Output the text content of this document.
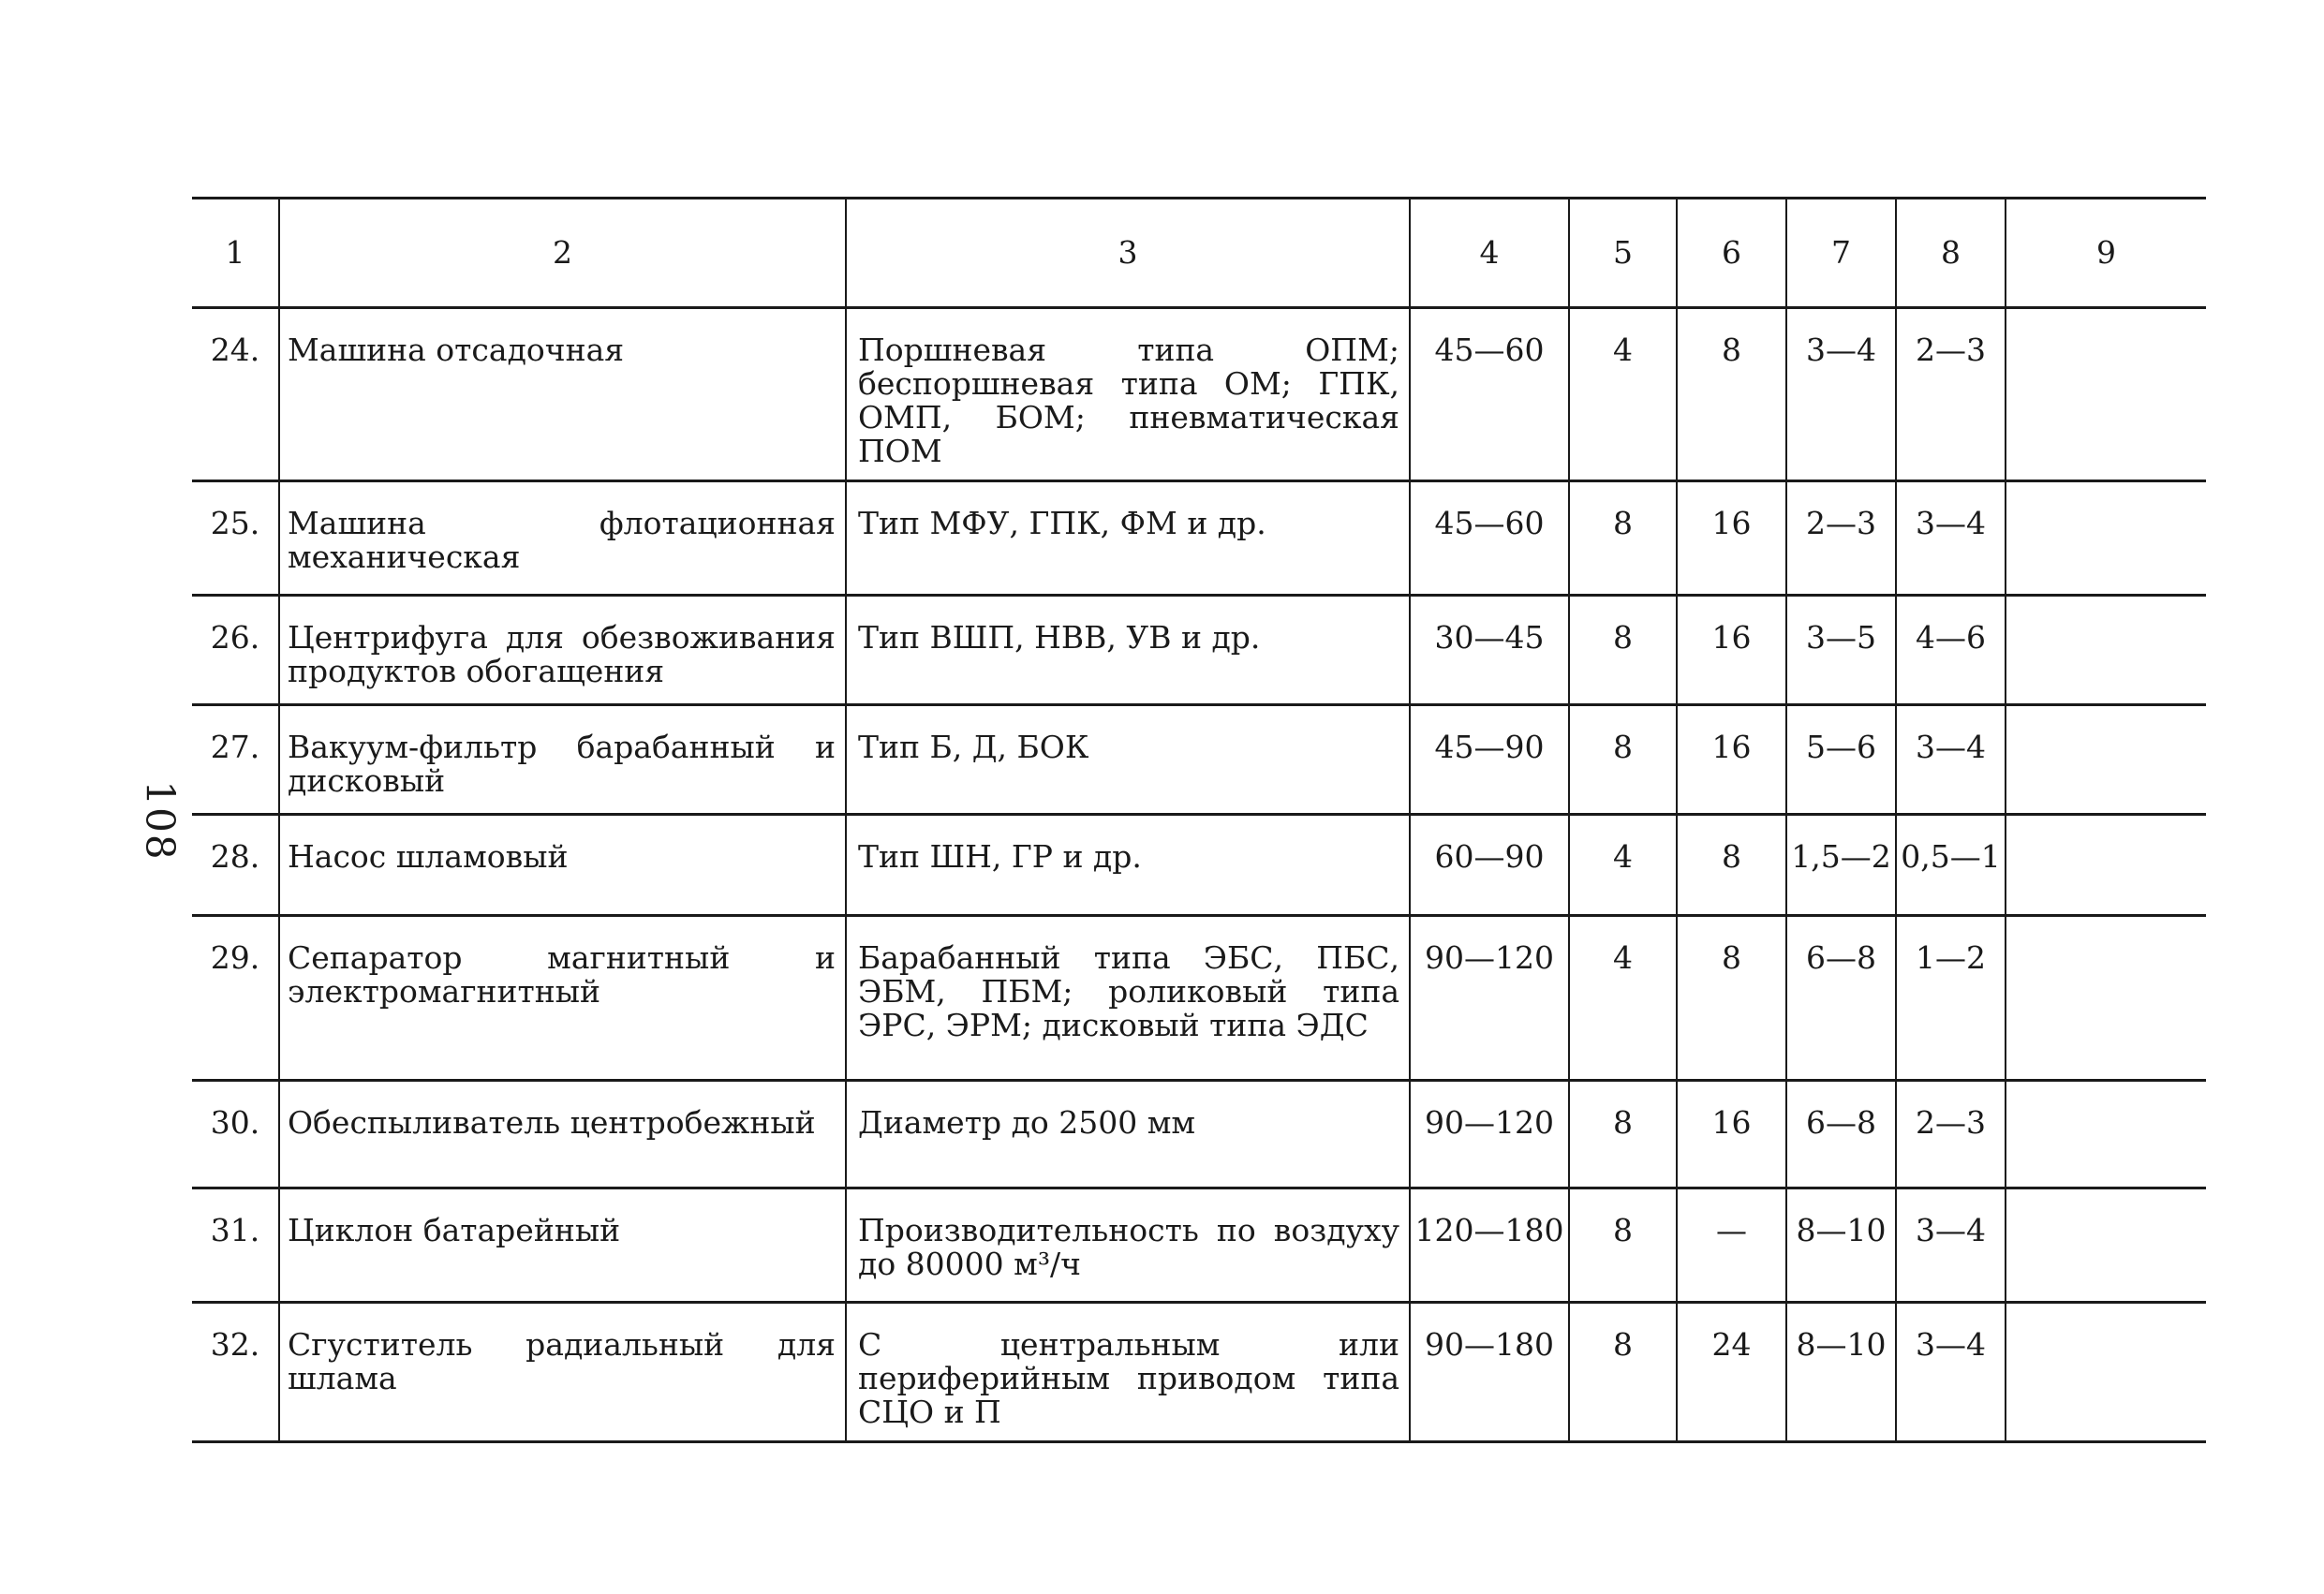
108
1	2	3	4	5	6	7	8	9
24.	Машина отсадочная	Поршневая типа ОПМ; беспоршневая типа ОМ; ГПК, ОМП, БОМ; пневматическая ПОМ	45—60	4	8	3—4	2—3	
25.	Машина флотационная механическая	Тип МФУ, ГПК, ФМ и др.	45—60	8	16	2—3	3—4	
26.	Центрифуга для обезвоживания продуктов обогащения	Тип ВШП, НВВ, УВ и др.	30—45	8	16	3—5	4—6	
27.	Вакуум-фильтр барабанный и дисковый	Тип Б, Д, БОК	45—90	8	16	5—6	3—4	
28.	Насос шламовый	Тип ШН, ГР и др.	60—90	4	8	1,5—2	0,5—1	
29.	Сепаратор магнитный и электромагнитный	Барабанный типа ЭБС, ПБС, ЭБМ, ПБМ; роликовый типа ЭРС, ЭРМ; дисковый типа ЭДС	90—120	4	8	6—8	1—2	
30.	Обеспыливатель центробежный	Диаметр до 2500 мм	90—120	8	16	6—8	2—3	
31.	Циклон батарейный	Производительность по воздуху до 80000 м³/ч	120—180	8	—	8—10	3—4	
32.	Сгуститель радиальный для шлама	С центральным или периферийным приводом типа СЦО и П	90—180	8	24	8—10	3—4	
